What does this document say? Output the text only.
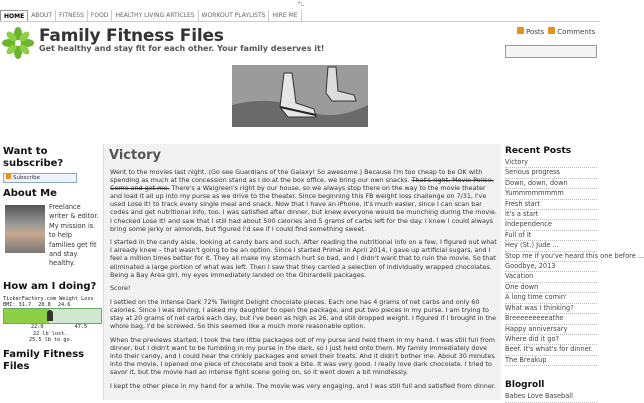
":.
HOME	ABOUT	FITNESS	FOOD	HEALTHY LIVING ARTICLES	WORKOUT PLAYLISTS	HIRE ME
Family Fitness Files
Get healthy and stay fit for each other. Your family deserves it!
Posts	Comments
Want to subscribe?
Subscribe
About Me
Freelance writer & editor. My mission is to help families get fit and stay healthy.
How am I doing?
TickerFactory.com Weight Loss
BMI: 31.7 20.8 24.6
22.0	47.5
22 lb lost.
25.5 lb to go.
Family Fitness Files
Victory

Went to the movies last night. (Go see Guardians of the Galaxy! So awesome.) Because I'm too cheap to be OK with spending as much at the concession stand as I do at the box office, we bring our own snacks. That's right, Movie Police. Come and get me. There's a Walgreen's right by our house, so we always stop there on the way to the movie theater and load it all up into my purse as we drive to the theater. Since beginning this FB weight loss challenge on 7/31, I've used Lose It! to track every single meal and snack. Now that I have an iPhone, it's much easier, since I can scan bar codes and get nutritional info, too. I was satisfied after dinner, but knew everyone would be munching during the movie. I checked Lose It! and saw that I still had about 500 calories and 5 grams of carbs left for the day. I knew I could always bring some jerky or almonds, but figured I'd see if I could find something sweet.

I started in the candy aisle, looking at candy bars and such. After reading the nutritional info on a few, I figured out what I already knew – that wasn't going to be an option. Since I started Primal in April 2014, I gave up artificial sugars, and I feel a million times better for it. They all make my stomach hurt so bad, and I didn't want that to ruin the movie. So that eliminated a large portion of what was left. Then I saw that they carried a selection of individually wrapped chocolates. Being a Bay Area girl, my eyes immediately landed on the Ghirardelli packages.

Score!

I settled on the Intense Dark 72% Twilight Delight chocolate pieces. Each one has 4 grams of net carbs and only 60 calories. Since I was driving, I asked my daughter to open the package, and put two pieces in my purse. I am trying to stay at 20 grams of net carbs each day, but I've been as high as 26, and still dropped weight. I figured if I brought in the whole bag, I'd be screwed. So this seemed like a much more reasonable option.

When the previews started, I took the two little packages out of my purse and held them in my hand. I was still full from dinner, but I didn't want to be fumbling in my purse in the dark, so I just held onto them. My family immediately dove into their candy, and I could hear the crinkly packages and smell their treats. And it didn't bother me. About 30 minutes into the movie, I opened one piece of chocolate and took a bite. It was very good. I really love dark chocolate. I tried to savor it, but the movie had an intense fight scene going on, so it went down a bit mindlessly.

I kept the other piece in my hand for a while. The movie was very engaging, and I was still full and satisfied from dinner.

Recent Posts
Victory
Serious progress
Down, down, down
Yummmmmmmm
Fresh start
It's a start
Independence
Full of It
Hey (St.) Jude ...
Stop me if you've heard this one before ...
Goodbye, 2013
Vacation
One down
A long time comin'
What was I thinking?
Breeeeeeeeeathe
Happy anniversary
Where did it go?
Beef. It's what's for dinner.
The Breakup
Blogroll
Babes Love Baseball
